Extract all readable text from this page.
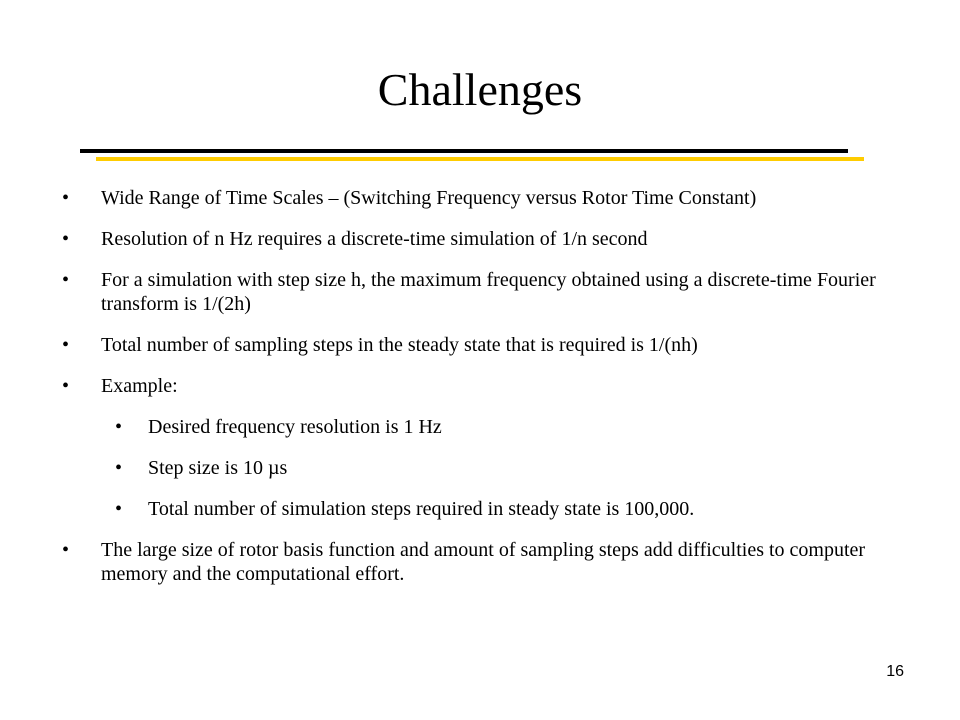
Challenges
• Wide Range of Time Scales – (Switching Frequency versus Rotor Time Constant)
• Resolution of n Hz requires a discrete-time simulation of 1/n second
• For a simulation with step size h, the maximum frequency obtained using a discrete-time Fourier transform is 1/(2h)
• Total number of sampling steps in the steady state that is required is 1/(nh)
• Example:
• Desired frequency resolution is 1 Hz
• Step size is 10 µs
• Total number of simulation steps required in steady state is 100,000.
• The large size of rotor basis function and amount of sampling steps add difficulties to computer memory and the computational effort.
16
